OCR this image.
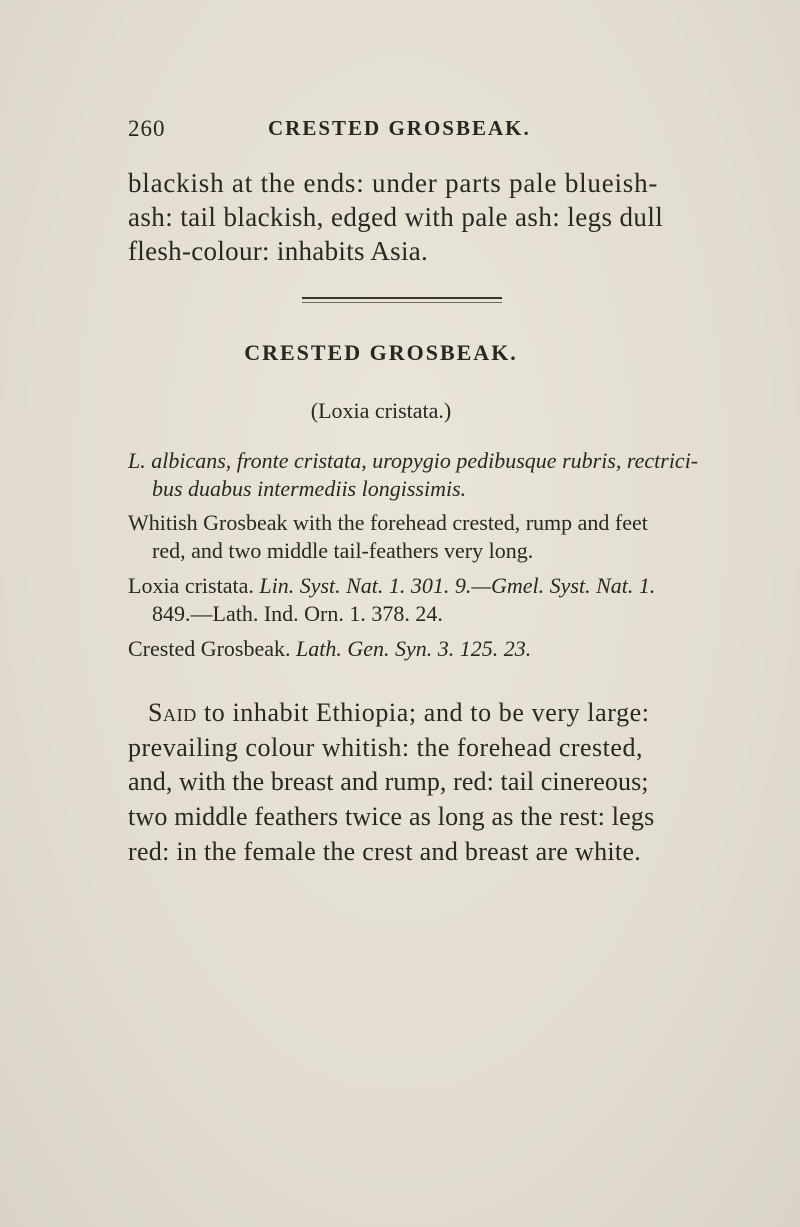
260	CRESTED GROSBEAK.
blackish at the ends: under parts pale blueish-
ash: tail blackish, edged with pale ash: legs dull
flesh-colour: inhabits Asia.
CRESTED GROSBEAK.
(Loxia cristata.)
L. albicans, fronte cristata, uropygio pedibusque rubris, rectrici-
bus duabus intermediis longissimis.
Whitish Grosbeak with the forehead crested, rump and feet
red, and two middle tail-feathers very long.
Loxia cristata. Lin. Syst. Nat. 1. 301. 9.—Gmel. Syst. Nat. 1.
849.—Lath. Ind. Orn. 1. 378. 24.
Crested Grosbeak. Lath. Gen. Syn. 3. 125. 23.
Said to inhabit Ethiopia; and to be very large:
prevailing colour whitish: the forehead crested,
and, with the breast and rump, red: tail cinereous;
two middle feathers twice as long as the rest: legs
red: in the female the crest and breast are white.
